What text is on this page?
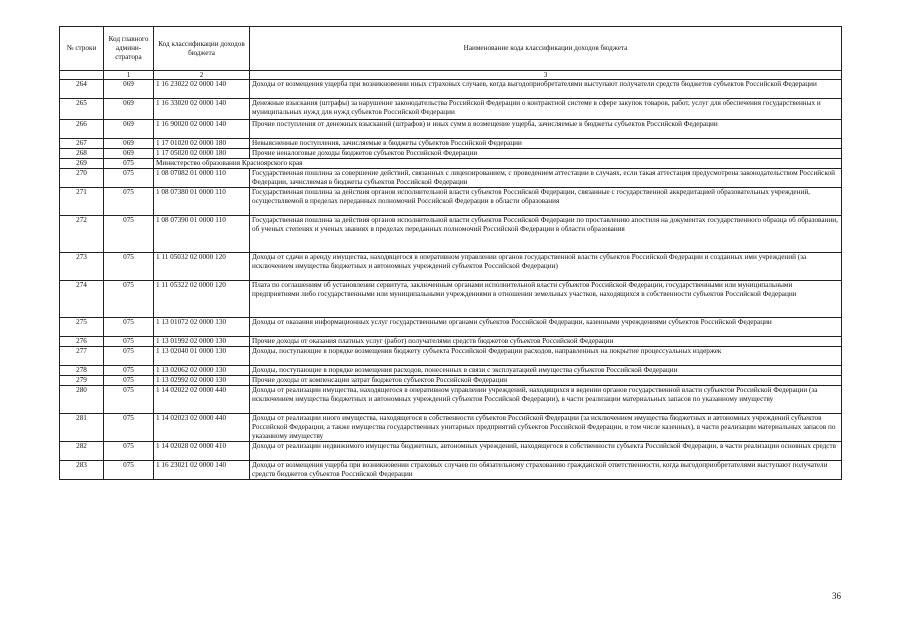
№ строки	Код главного админи-стратора	Код классификации доходов бюджета	Наименование кода классификации доходов бюджета
	1	2	3
264	069	1 16 23022 02 0000 140	Доходы от возмещения ущерба при возникновении иных страховых случаев, когда выгодоприобретателями выступают получатели средств бюджетов субъектов Российской Федерации
265	069	1 16 33020 02 0000 140	Денежные взыскания (штрафы) за нарушение законодательства Российской Федерации о контрактной системе в сфере закупок товаров, работ, услуг для обеспечения государственных и муниципальных нужд для нужд субъектов Российской Федерации
266	069	1 16 90020 02 0000 140	Прочие поступления от денежных взысканий (штрафов) и иных сумм в возмещение ущерба, зачисляемые в бюджеты субъектов Российской Федерации
267	069	1 17 01020 02 0000 180	Невыясненные поступления, зачисляемые в бюджеты субъектов Российской Федерации
268	069	1 17 05020 02 0000 180	Прочие неналоговые доходы бюджетов субъектов Российской Федерации
269	075	Министерство образования Красноярского края	
270	075	1 08 07082 01 0000 110	Государственная пошлина за совершение действий, связанных с лицензированием, с проведением аттестации в случаях, если такая аттестация предусмотрена законодательством Российской Федерации, зачисляемая в бюджеты субъектов Российской Федерации
271	075	1 08 07380 01 0000 110	Государственная пошлина за действия органов исполнительной власти субъектов Российской Федерации, связанные с государственной аккредитацией образовательных учреждений, осуществляемой в пределах переданных полномочий Российской Федерации в области образования
272	075	1 08 07390 01 0000 110	Государственная пошлина за действия органов исполнительной власти субъектов Российской Федерации по проставлению апостиля на документах государственного образца об образовании, об ученых степенях и ученых званиях в пределах переданных полномочий Российской Федерации в области образования
273	075	1 11 05032 02 0000 120	Доходы от сдачи в аренду имущества, находящегося в оперативном управлении органов государственной власти субъектов Российской Федерации и созданных ими учреждений (за исключением имущества бюджетных и автономных учреждений субъектов Российской Федерации)
274	075	1 11 05322 02 0000 120	Плата по соглашениям об установлении сервитута, заключенным органами исполнительной власти субъектов Российской Федерации, государственными или муниципальными предприятиями либо государственными или муниципальными учреждениями в отношении земельных участков, находящихся в собственности субъектов Российской Федерации
275	075	1 13 01072 02 0000 130	Доходы от оказания информационных услуг государственными органами субъектов Российской Федерации, казенными учреждениями субъектов Российской Федерации
276	075	1 13 01992 02 0000 130	Прочие доходы от оказания платных услуг (работ) получателями средств бюджетов субъектов Российской Федерации
277	075	1 13 02040 01 0000 130	Доходы, поступающие в порядке возмещения бюджету субъекта Российской Федерации расходов, направленных на покрытие процессуальных издержек
278	075	1 13 02062 02 0000 130	Доходы, поступающие в порядке возмещения расходов, понесенных в связи с эксплуатацией имущества субъектов Российской Федерации
279	075	1 13 02992 02 0000 130	Прочие доходы от компенсации затрат бюджетов субъектов Российской Федерации
280	075	1 14 02022 02 0000 440	Доходы от реализации имущества, находящегося в оперативном управлении учреждений, находящихся в ведении органов государственной власти субъектов Российской Федерации (за исключением имущества бюджетных и автономных учреждений субъектов Российской Федерации), в части реализации материальных запасов по указанному имуществу
281	075	1 14 02023 02 0000 440	Доходы от реализации иного имущества, находящегося в собственности субъектов Российской Федерации (за исключением имущества бюджетных и автономных учреждений субъектов Российской Федерации, а также имущества государственных унитарных предприятий субъектов Российской Федерации, в том числе казенных), в части реализации материальных запасов по указанному имуществу
282	075	1 14 02028 02 0000 410	Доходы от реализации недвижимого имущества бюджетных, автономных учреждений, находящегося в собственности субъекта Российской Федерации, в части реализации основных средств
283	075	1 16 23021 02 0000 140	Доходы от возмещения ущерба при возникновении страховых случаев по обязательному страхованию гражданской ответственности, когда выгодоприобретателями выступают получатели средств бюджетов субъектов Российской Федерации
36
